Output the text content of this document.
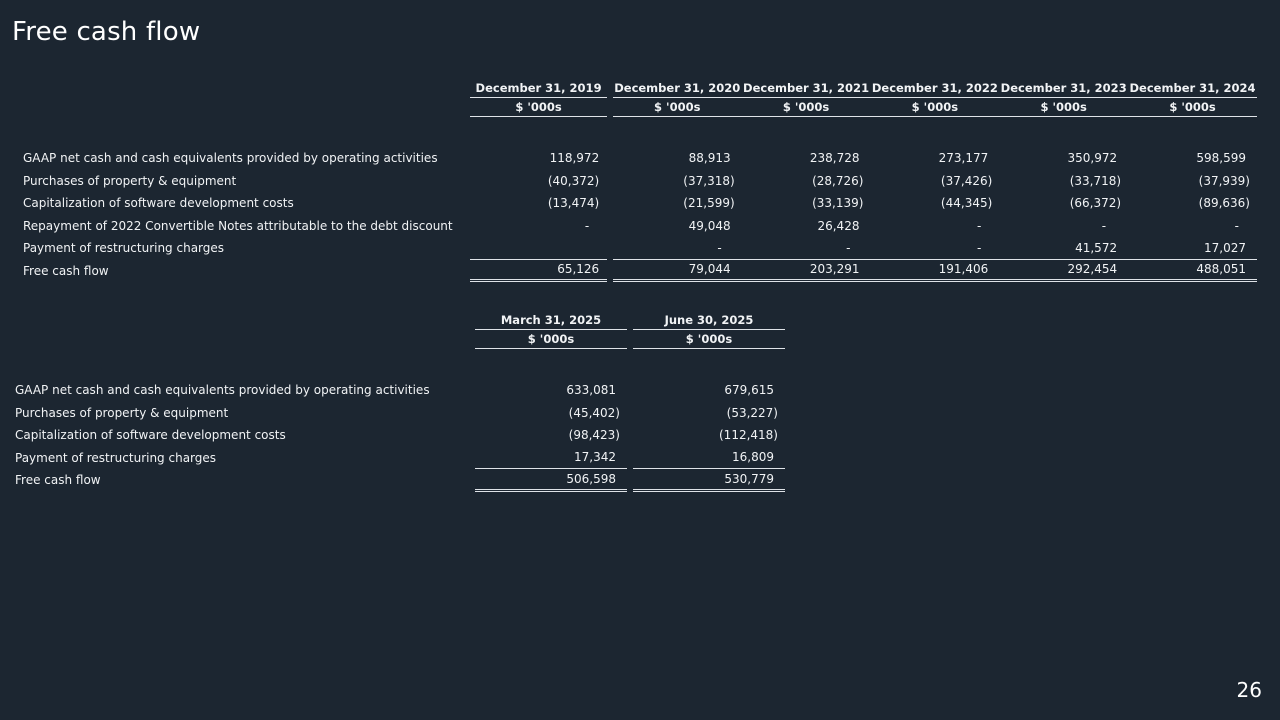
Free cash flow
	December 31, 2019		December 31, 2020	December 31, 2021	December 31, 2022	December 31, 2023	December 31, 2024
	$ '000s		$ '000s	$ '000s	$ '000s	$ '000s	$ '000s

GAAP net cash and cash equivalents provided by operating activities	118,972		88,913	238,728	273,177	350,972	598,599
Purchases of property & equipment	(40,372)		(37,318)	(28,726)	(37,426)	(33,718)	(37,939)
Capitalization of software development costs	(13,474)		(21,599)	(33,139)	(44,345)	(66,372)	(89,636)
Repayment of 2022 Convertible Notes attributable to the debt discount	-		49,048	26,428	-	-	-
Payment of restructuring charges			-	-	-	41,572	17,027
Free cash flow	65,126		79,044	203,291	191,406	292,454	488,051
	March 31, 2025		June 30, 2025
	$ '000s		$ '000s

GAAP net cash and cash equivalents provided by operating activities	633,081		679,615
Purchases of property & equipment	(45,402)		(53,227)
Capitalization of software development costs	(98,423)		(112,418)
Payment of restructuring charges	17,342		16,809
Free cash flow	506,598		530,779
26
